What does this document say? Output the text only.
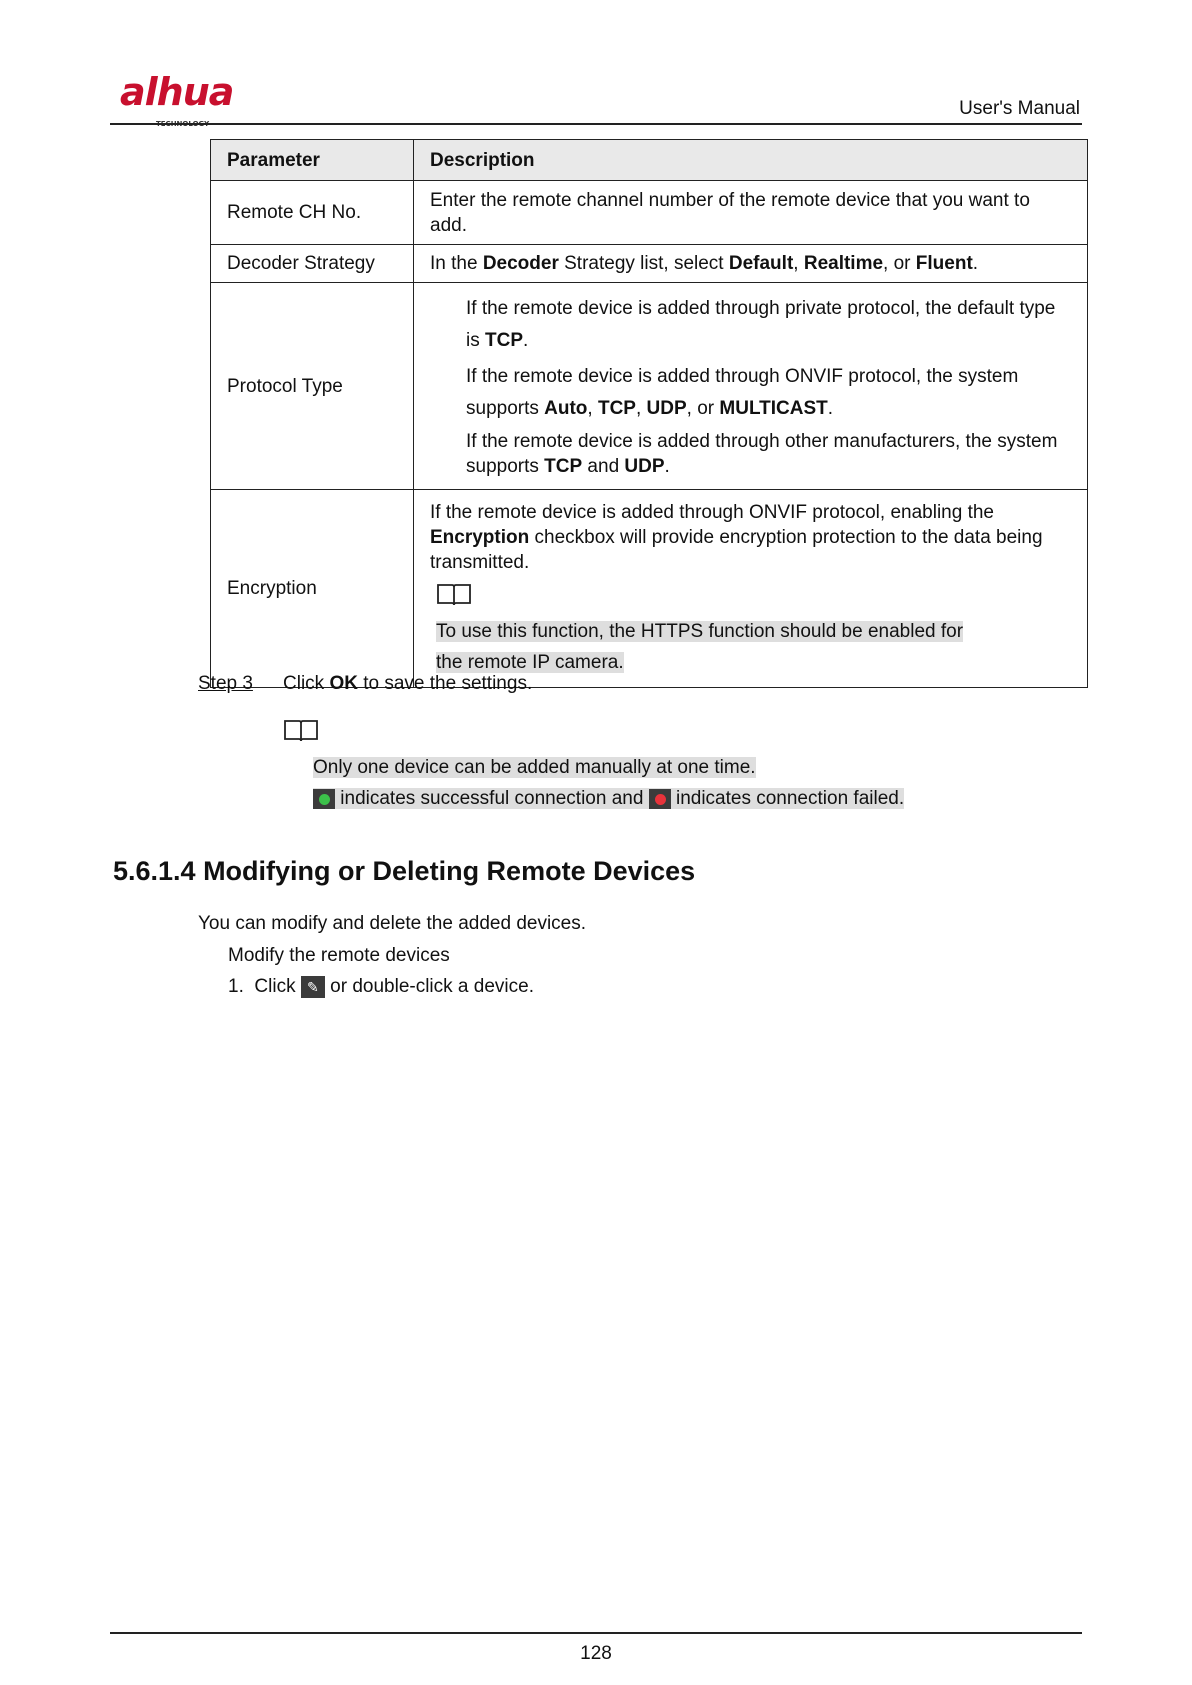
alhua
TECHNOLOGY
User's Manual
Parameter	Description
Remote CH No.	Enter the remote channel number of the remote device that you want to add.
Decoder Strategy	In the Decoder Strategy list, select Default, Realtime, or Fluent.
Protocol Type	If the remote device is added through private protocol, the default type is TCP.
If the remote device is added through ONVIF protocol, the system supports Auto, TCP, UDP, or MULTICAST.
If the remote device is added through other manufacturers, the system supports TCP and UDP.

Encryption	If the remote device is added through ONVIF protocol, enabling the Encryption checkbox will provide encryption protection to the data being transmitted.
To use this function, the HTTPS function should be enabled for the remote IP camera.
Step 3 Click OK to save the settings.
Only one device can be added manually at one time.
indicates successful connection and  indicates connection failed.
5.6.1.4 Modifying or Deleting Remote Devices
You can modify and delete the added devices.
Modify the remote devices
1. Click ✎ or double-click a device.
128
